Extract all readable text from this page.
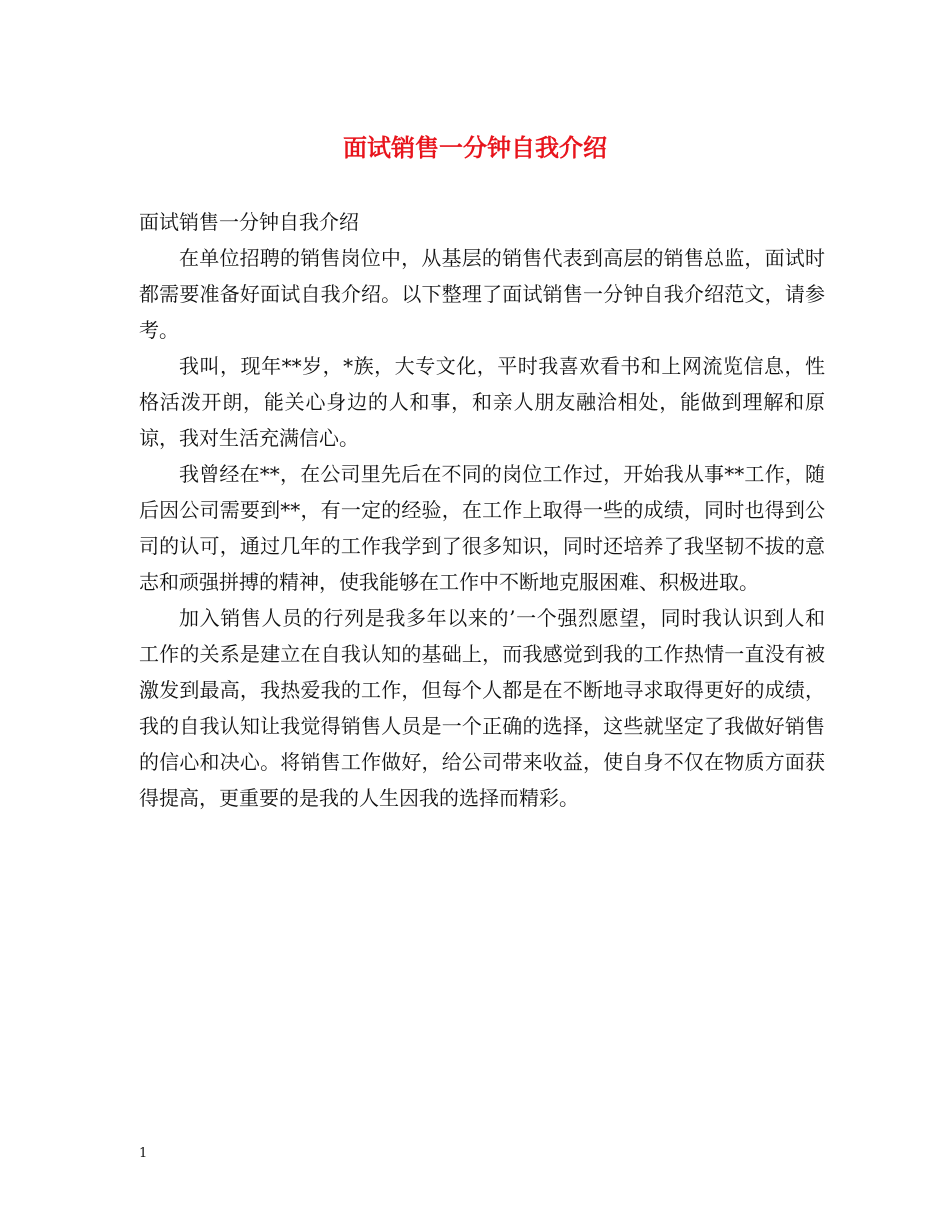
面试销售一分钟自我介绍

面试销售一分钟自我介绍

在单位招聘的销售岗位中，从基层的销售代表到高层的销售总监，面试时都需要准备好面试自我介绍。以下整理了面试销售一分钟自我介绍范文，请参考。

我叫，现年**岁，*族，大专文化，平时我喜欢看书和上网流览信息，性格活泼开朗，能关心身边的人和事，和亲人朋友融洽相处，能做到理解和原谅，我对生活充满信心。

我曾经在**，在公司里先后在不同的岗位工作过，开始我从事**工作，随后因公司需要到**，有一定的经验，在工作上取得一些的成绩，同时也得到公司的认可，通过几年的工作我学到了很多知识，同时还培养了我坚韧不拔的意志和顽强拼搏的精神，使我能够在工作中不断地克服困难、积极进取。

加入销售人员的行列是我多年以来的’一个强烈愿望，同时我认识到人和工作的关系是建立在自我认知的基础上，而我感觉到我的工作热情一直没有被激发到最高，我热爱我的工作，但每个人都是在不断地寻求取得更好的成绩，我的自我认知让我觉得销售人员是一个正确的选择，这些就坚定了我做好销售的信心和决心。将销售工作做好，给公司带来收益，使自身不仅在物质方面获得提高，更重要的是我的人生因我的选择而精彩。

1
